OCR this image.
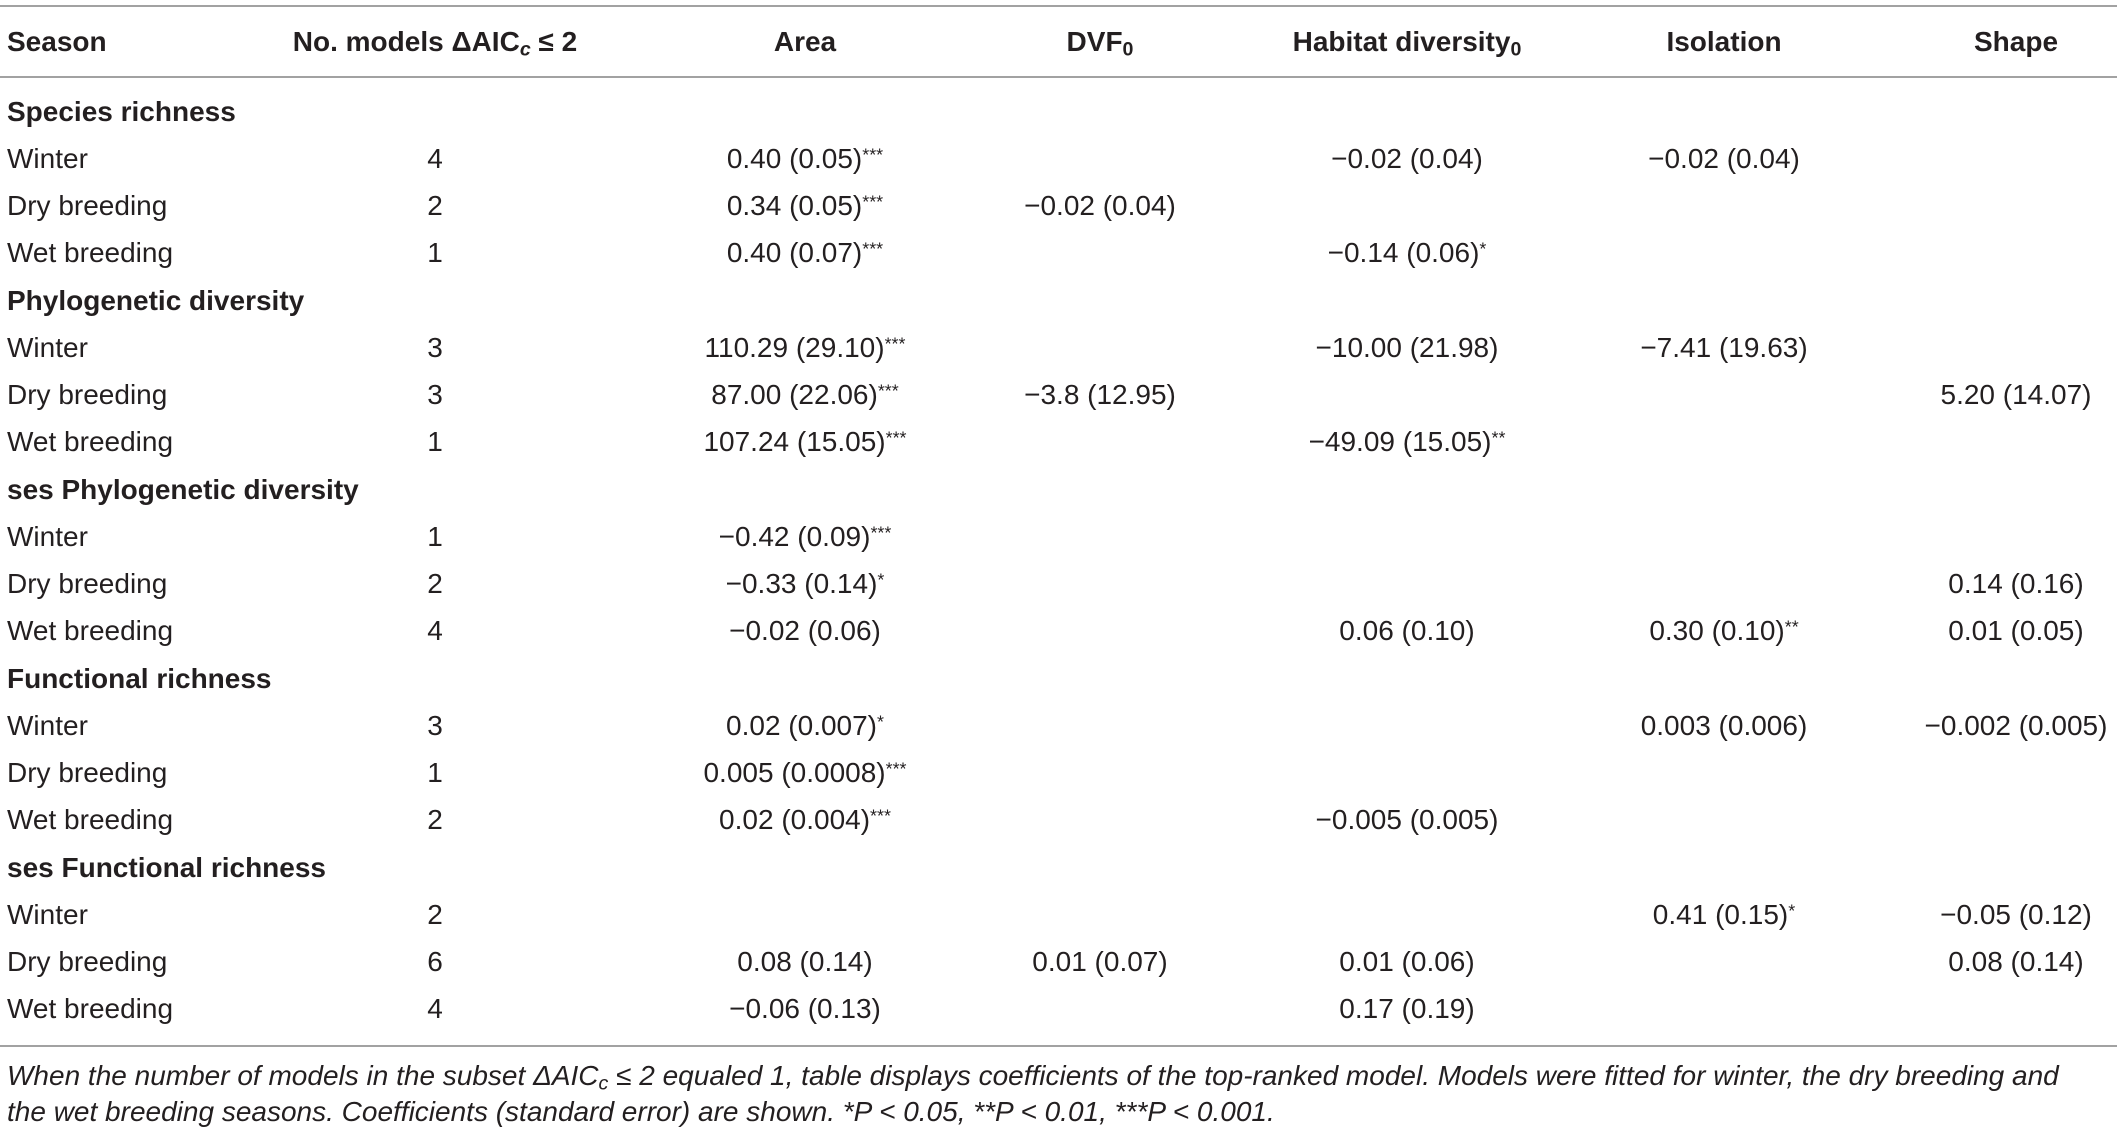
Season	No. models $\Delta AIC_c \le 2$	Area	$DVF_0$	Habitat diversity$_0$	Isolation	Shape
Species richness						
Winter	4	0.40 (0.05)***		−0.02 (0.04)	−0.02 (0.04)	
Dry breeding	2	0.34 (0.05)***	−0.02 (0.04)			
Wet breeding	1	0.40 (0.07)***		−0.14 (0.06)*		
Phylogenetic diversity						
Winter	3	110.29 (29.10)***		−10.00 (21.98)	−7.41 (19.63)	
Dry breeding	3	87.00 (22.06)***	−3.8 (12.95)			5.20 (14.07)
Wet breeding	1	107.24 (15.05)***		−49.09 (15.05)**		
ses Phylogenetic diversity						
Winter	1	−0.42 (0.09)***				
Dry breeding	2	−0.33 (0.14)*				0.14 (0.16)
Wet breeding	4	−0.02 (0.06)		0.06 (0.10)	0.30 (0.10)**	0.01 (0.05)
Functional richness						
Winter	3	0.02 (0.007)*			0.003 (0.006)	−0.002 (0.005)
Dry breeding	1	0.005 (0.0008)***				
Wet breeding	2	0.02 (0.004)***		−0.005 (0.005)		
ses Functional richness						
Winter	2				0.41 (0.15)*	−0.05 (0.12)
Dry breeding	6	0.08 (0.14)	0.01 (0.07)	0.01 (0.06)		0.08 (0.14)
Wet breeding	4	−0.06 (0.13)		0.17 (0.19)		
When the number of models in the subset $\Delta AIC_c \le 2$ equaled 1, table displays coefficients of the top-ranked model. Models were fitted for winter, the dry breeding and
the wet breeding seasons. Coefficients (standard error) are shown. *P < 0.05, **P < 0.01, ***P < 0.001.
